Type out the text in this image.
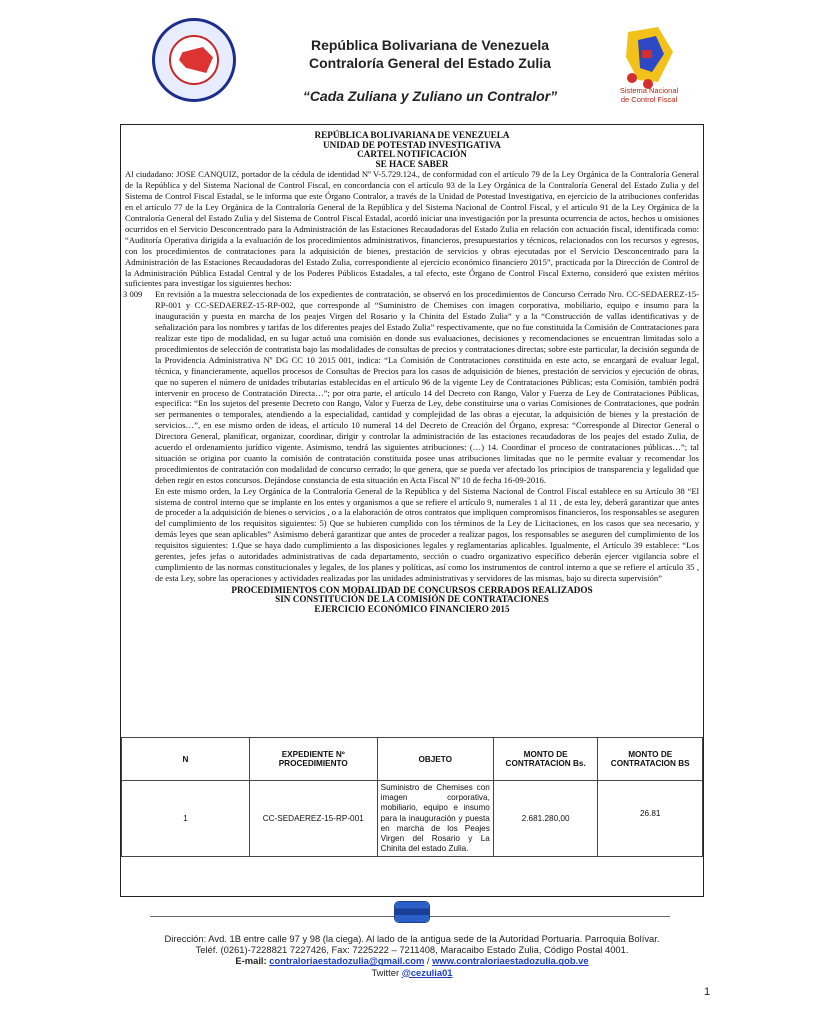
República Bolivariana de Venezuela
Contraloría General del Estado Zulia
“Cada Zuliana y Zuliano un Contralor”	Sistema Nacional
de Control Fiscal
REPÚBLICA BOLIVARIANA DE VENEZUELA
UNIDAD DE POTESTAD INVESTIGATIVA
CARTEL NOTIFICACIÓN
SE HACE SABER
Al ciudadano: JOSE CANQUIZ, portador de la cédula de identidad Nº V-5.729.124., de conformidad con el artículo 79 de la Ley Orgánica de la Contraloría General de la República y del Sistema Nacional de Control Fiscal, en concordancia con el artículo 93 de la Ley Orgánica de la Contraloría General del Estado Zulia y del Sistema de Control Fiscal Estadal, se le informa que este Órgano Contralor, a través de la Unidad de Potestad Investigativa, en ejercicio de la atribuciones conferidas en el artículo 77 de la Ley Orgánica de la Contraloría General de la República y del Sistema Nacional de Control Fiscal, y el artículo 91 de la Ley Orgánica de la Contraloría General del Estado Zulia y del Sistema de Control Fiscal Estadal, acordó iniciar una investigación por la presunta ocurrencia de actos, hechos u omisiones ocurridos en el Servicio Desconcentrado para la Administración de las Estaciones Recaudadoras del Estado Zulia en relación con actuación fiscal, identificada como: “Auditoría Operativa dirigida a la evaluación de los procedimientos administrativos, financieros, presupuestarios y técnicos, relacionados con los recursos y egresos, con los procedimientos de contrataciones para la adquisición de bienes, prestación de servicios y obras ejecutadas por el Servicio Desconcentrado para la Administración de las Estaciones Recaudadoras del Estado Zulia, correspondiente al ejercicio económico financiero 2015”, practicada por la Dirección de Control de la Administración Pública Estadal Central y de los Poderes Públicos Estadales, a tal efecto, este Órgano de Control Fiscal Externo, consideró que existen méritos suficientes para investigar los siguientes hechos:
3 009 En revisión a la muestra seleccionada de los expedientes de contratación, se observó en los procedimientos de Concurso Cerrado Nro. CC-SEDAEREZ-15-RP-001 y CC-SEDAEREZ-15-RP-002, que corresponde al “Suministro de Chemises con imagen corporativa, mobiliario, equipo e insumo para la inauguración y puesta en marcha de los peajes Virgen del Rosario y la Chinita del Estado Zulia” y a la “Construcción de vallas identificativas y de señalización para los nombres y tarifas de los diferentes peajes del Estado Zulia” respectivamente, que no fue constituida la Comisión de Contrataciones para realizar este tipo de modalidad, en su lugar actuó una comisión en donde sus evaluaciones, decisiones y recomendaciones se encuentran limitadas solo a procedimientos de selección de contratista bajo las modalidades de consultas de precios y contrataciones directas; sobre este particular, la decisión segunda de la Providencia Administrativa Nº DG CC 10 2015 001, indica: “La Comisión de Contrataciones constituida en este acto, se encargará de evaluar legal, técnica, y financieramente, aquellos procesos de Consultas de Precios para los casos de adquisición de bienes, prestación de servicios y ejecución de obras, que no superen el número de unidades tributarias establecidas en el artículo 96 de la vigente Ley de Contrataciones Públicas; esta Comisión, también podrá intervenir en proceso de Contratación Directa…”; por otra parte, el artículo 14 del Decreto con Rango, Valor y Fuerza de Ley de Contrataciones Públicas, especifica: “En los sujetos del presente Decreto con Rango, Valor y Fuerza de Ley, debe constituirse una o varias Comisiones de Contrataciones, que podrán ser permanentes o temporales, atendiendo a la especialidad, cantidad y complejidad de las obras a ejecutar, la adquisición de bienes y la prestación de servicios…”, en ese mismo orden de ideas, el artículo 10 numeral 14 del Decreto de Creación del Órgano, expresa: “Corresponde al Director General o Directora General, planificar, organizar, coordinar, dirigir y controlar la administración de las estaciones recaudadoras de los peajes del estado Zulia, de acuerdo el ordenamiento jurídico vigente. Asimismo, tendrá las siguientes atribuciones: (…) 14. Coordinar el proceso de contrataciones públicas…”; tal situación se origina por cuanto la comisión de contratación constituida posee unas atribuciones limitadas que no le permite evaluar y recomendar los procedimientos de contratación con modalidad de concurso cerrado; lo que genera, que se pueda ver afectado los principios de transparencia y legalidad que deben regir en estos concursos. Dejándose constancia de esta situación en Acta Fiscal Nº 10 de fecha 16-09-2016.
En este mismo orden, la Ley Orgánica de la Contraloría General de la República y del Sistema Nacional de Control Fiscal establece en su Artículo 38 “El sistema de control interno que se implante en los entes y organismos a que se refiere el artículo 9, numerales 1 al 11 , de esta ley, deberá garantizar que antes de proceder a la adquisición de bienes o servicios , o a la elaboración de otros contratos que impliquen compromisos financieros, los responsables se aseguren del cumplimiento de los requisitos siguientes: 5) Que se hubieren cumplido con los términos de la Ley de Licitaciones, en los casos que sea necesario, y demás leyes que sean aplicables” Asimismo deberá garantizar que antes de proceder a realizar pagos, los responsables se aseguren del cumplimiento de los requisitos siguientes: 1.Que se haya dado cumplimiento a las disposiciones legales y reglamentarias aplicables. Igualmente, el Artículo 39 establece: “Los gerentes, jefes jefas o autoridades administrativas de cada departamento, sección o cuadro organizativo específico deberán ejercer vigilancia sobre el cumplimiento de las normas constitucionales y legales, de los planes y políticas, así como los instrumentos de control interno a que se refiere el artículo 35 , de esta Ley, sobre las operaciones y actividades realizadas por las unidades administrativas y servidores de las mismas, bajo su directa supervisión”
PROCEDIMIENTOS CON MODALIDAD DE CONCURSOS CERRADOS REALIZADOS
SIN CONSTITUCIÓN DE LA COMISIÓN DE CONTRATACIONES
EJERCICIO ECONÓMICO FINANCIERO 2015
N	EXPEDIENTE Nº PROCEDIMIENTO	OBJETO	MONTO DE CONTRATACION Bs.	MONTO DE CONTRATACION BS
1	CC-SEDAEREZ-15-RP-001	Suministro de Chemises con imagen corporativa, mobiliario, equipo e insumo para la inauguración y puesta en marcha de los Peajes Virgen del Rosario y La Chinita del estado Zulia.	2.681.280,00	26.81
Dirección: Avd. 1B entre calle 97 y 98 (la ciega). Al lado de la antigua sede de la Autoridad Portuaria. Parroquia Bolívar.
Teléf. (0261)-7228821 7227426, Fax: 7225222 – 7211408, Maracaibo Estado Zulia, Código Postal 4001.
E-mail: contraloriaestadozulia@gmail.com / www.contraloriaestadozulia.gob.ve
Twitter @cezulia01
1
